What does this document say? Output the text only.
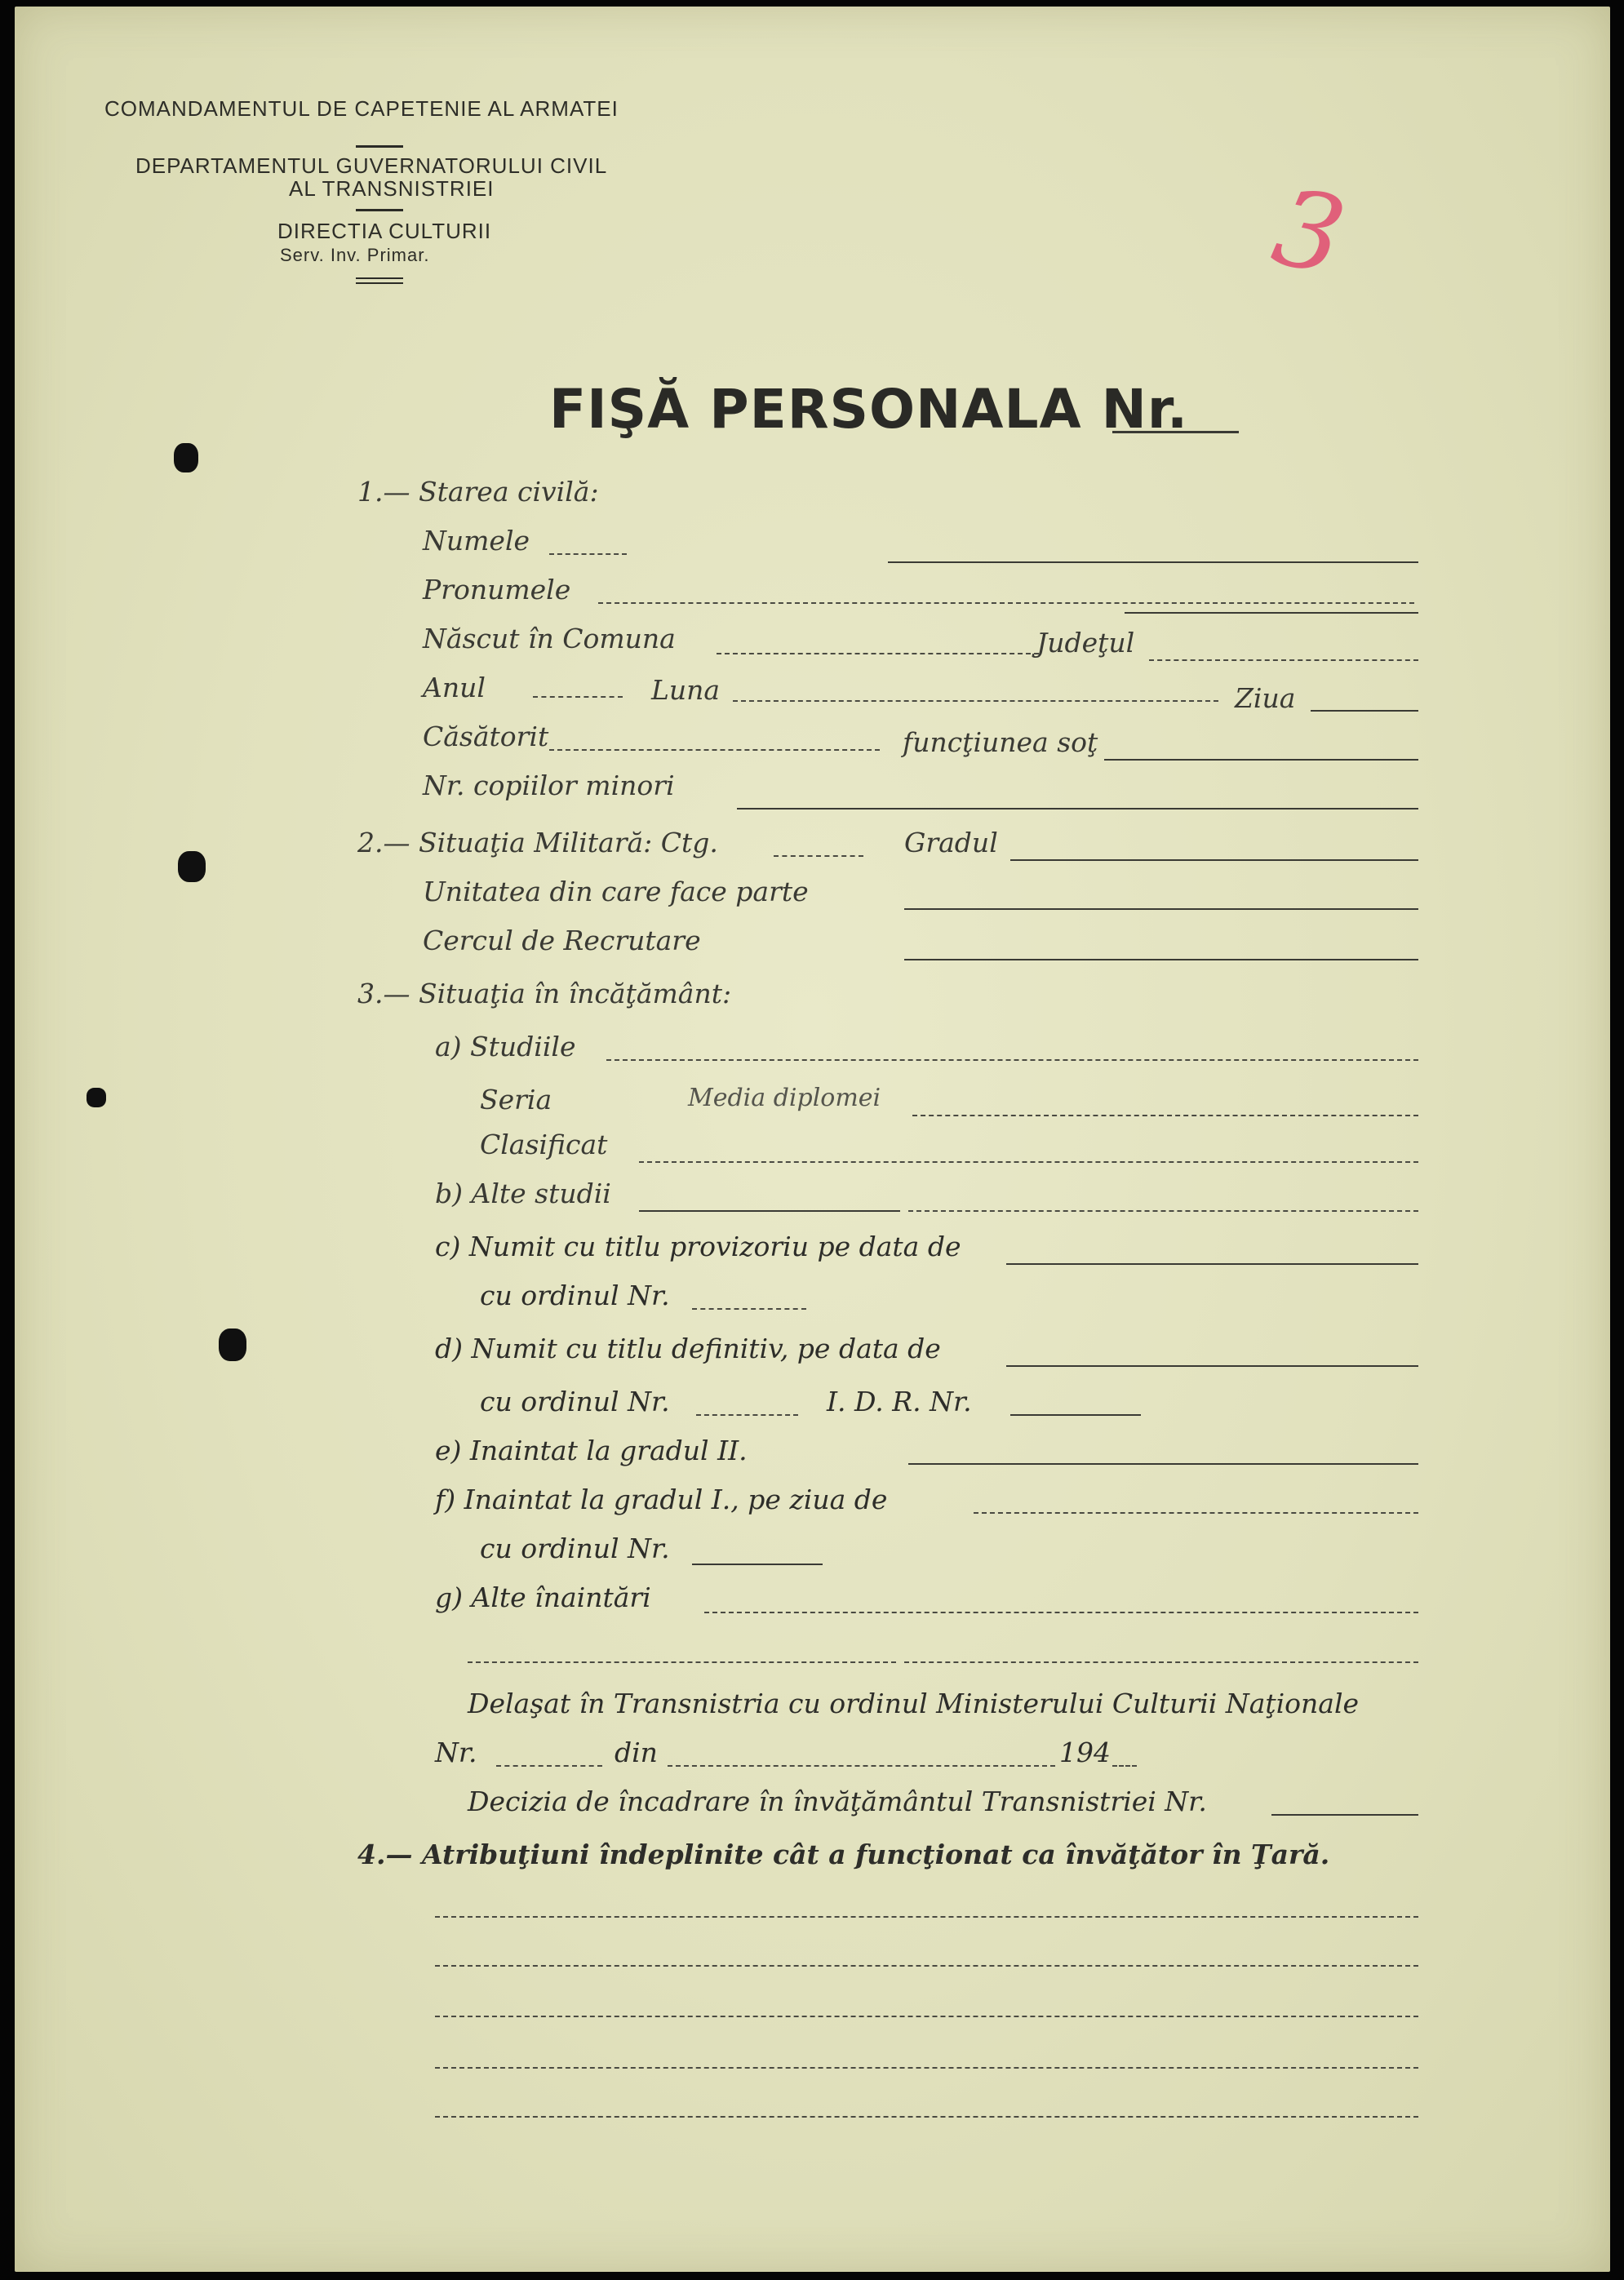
COMANDAMENTUL DE CAPETENIE AL ARMATEI
DEPARTAMENTUL GUVERNATORULUI CIVIL
AL TRANSNISTRIEI
DIRECTIA CULTURII
Serv. Inv. Primar.	3
FIŞĂ PERSONALA Nr.
1.— Starea civilă:
Numele
Pronumele
Născut în Comuna	Judeţul
Anul	Luna	Ziua
Căsătorit	funcţiunea soţ
Nr. copiilor minori
2.— Situaţia Militară: Ctg.	Gradul
Unitatea din care face parte
Cercul de Recrutare
3.— Situaţia în încăţământ:
a) Studiile
Seria	Media diplomei
Clasificat
b) Alte studii
c) Numit cu titlu provizoriu pe data de
cu ordinul Nr.
d) Numit cu titlu definitiv, pe data de
cu ordinul Nr.	I. D. R. Nr.
e) Inaintat la gradul II.
f) Inaintat la gradul I., pe ziua de
cu ordinul Nr.
g) Alte înaintări
Delaşat în Transnistria cu ordinul Ministerului Culturii Naţionale
Nr.	din	194
Decizia de încadrare în învăţământul Transnistriei Nr.
4.— Atribuţiuni îndeplinite cât a funcţionat ca învăţător în Ţară.
